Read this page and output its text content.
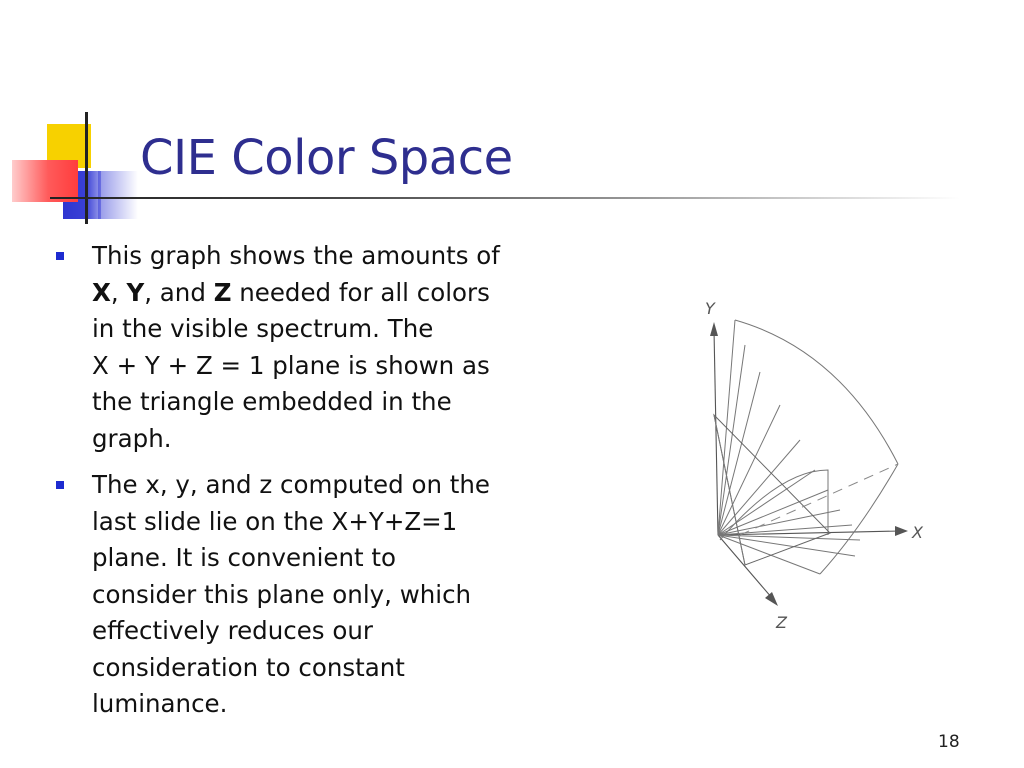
CIE Color Space
This graph shows the amounts of
X, Y, and Z needed for all colors
in the visible spectrum. The
X + Y + Z = 1 plane is shown as
the triangle embedded in the
graph.
The x, y, and z computed on the
last slide lie on the X+Y+Z=1
plane. It is convenient to
consider this plane only, which
effectively reduces our
consideration to constant
luminance.
Y
X
Z
18
